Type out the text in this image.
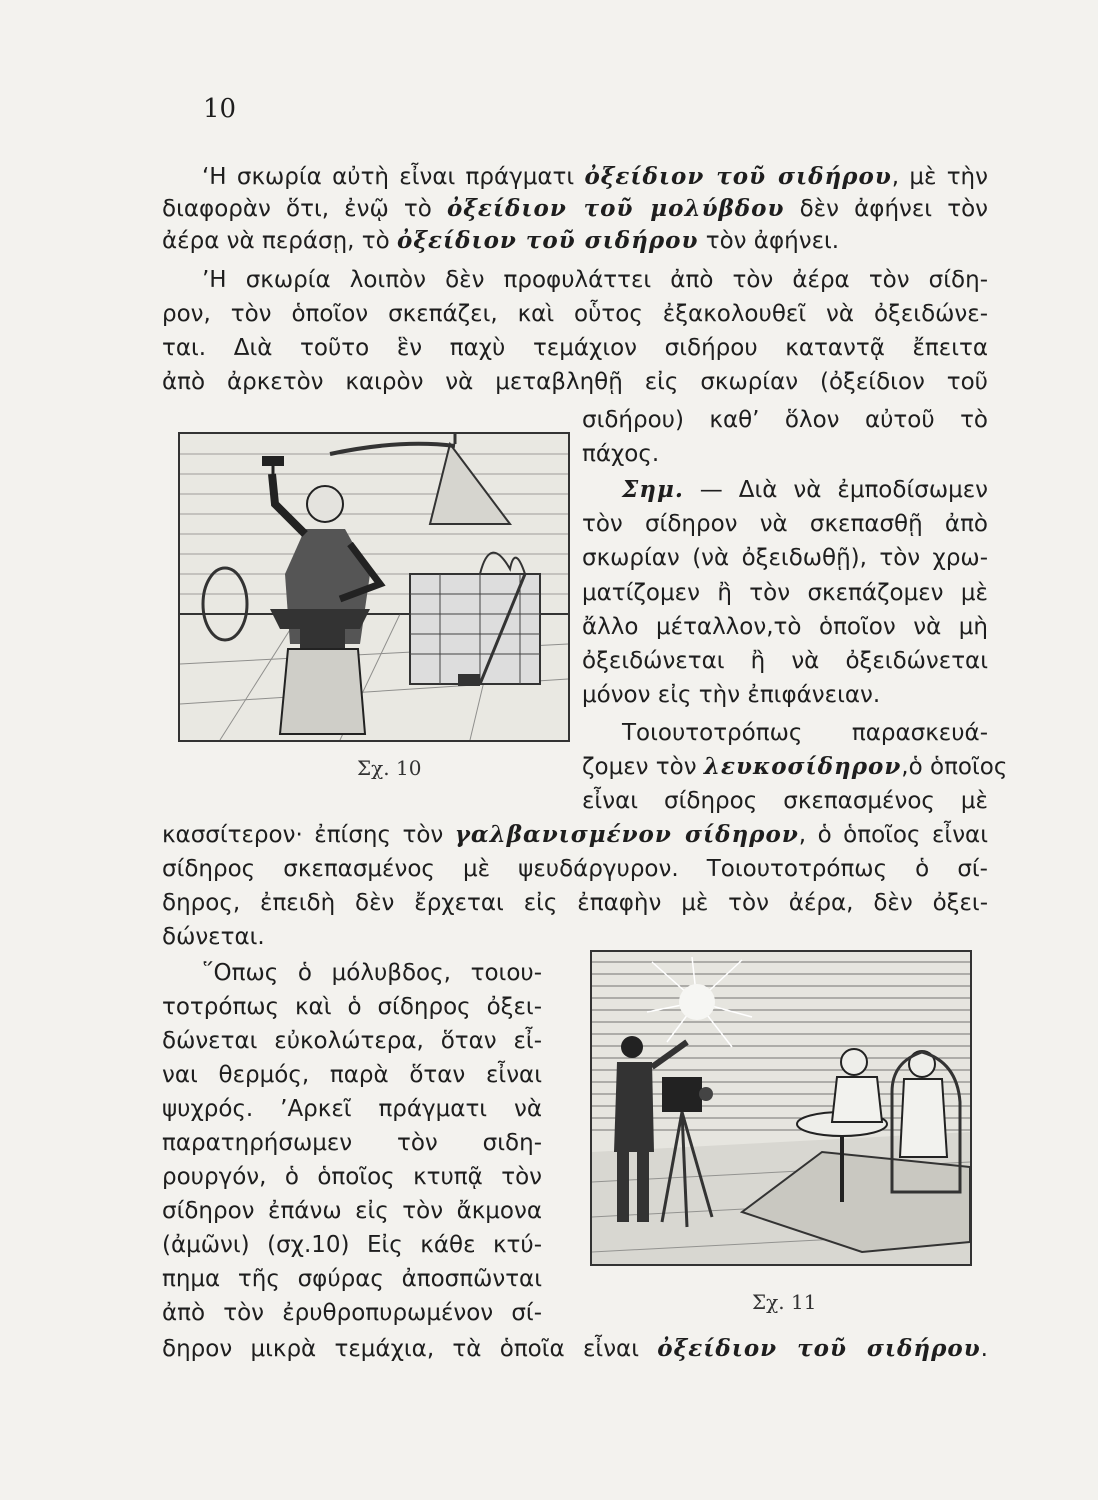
10
‘Η σκωρία αὐτὴ εἶναι πράγματι ὀξείδιον τοῦ σιδήρου, μὲ τὴν
διαφορὰν ὅτι, ἐνῷ τὸ ὀξείδιον τοῦ μολύβδου δὲν ἀφήνει τὸν
ἀέρα νὰ περάσῃ, τὸ ὀξείδιον τοῦ σιδήρου τὸν ἀφήνει.
’Η σκωρία λοιπὸν δὲν προφυλάττει ἀπὸ τὸν ἀέρα τὸν σίδη-
ρον, τὸν ὁποῖον σκεπάζει, καὶ οὗτος ἐξακολουθεῖ νὰ ὀξειδώνε-
ται. Διὰ τοῦτο ἓν παχὺ τεμάχιον σιδήρου καταντᾷ ἔπειτα
ἀπὸ ἀρκετὸν καιρὸν νὰ μεταβληθῇ εἰς σκωρίαν (ὀξείδιον τοῦ
Σχ. 10
σιδήρου) καθ’ ὅλον αὐτοῦ τὸ
πάχος.
Σημ. — Διὰ νὰ ἐμποδίσωμεν
τὸν σίδηρον νὰ σκεπασθῇ ἀπὸ
σκωρίαν (νὰ ὀξειδωθῇ), τὸν χρω-
ματίζομεν ἢ τὸν σκεπάζομεν μὲ
ἄλλο μέταλλον,τὸ ὁποῖον νὰ μὴ
ὀξειδώνεται ἢ νὰ ὀξειδώνεται
μόνον εἰς τὴν ἐπιφάνειαν.
Τοιουτοτρόπως παρασκευά-
ζομεν τὸν λευκοσίδηρον,ὁ ὁποῖος
εἶναι σίδηρος σκεπασμένος μὲ
κασσίτερον· ἐπίσης τὸν γαλβανισμένον σίδηρον, ὁ ὁποῖος εἶναι
σίδηρος σκεπασμένος μὲ ψευδάργυρον. Τοιουτοτρόπως ὁ σί-
δηρος, ἐπειδὴ δὲν ἔρχεται εἰς ἐπαφὴν μὲ τὸν ἀέρα, δὲν ὀξει-
δώνεται.
῞Οπως ὁ μόλυβδος, τοιου-
τοτρόπως καὶ ὁ σίδηρος ὀξει-
δώνεται εὐκολώτερα, ὅταν εἶ-
ναι θερμός, παρὰ ὅταν εἶναι
ψυχρός. ’Αρκεῖ πράγματι νὰ
παρατηρήσωμεν τὸν σιδη-
ρουργόν, ὁ ὁποῖος κτυπᾷ τὸν
σίδηρον ἐπάνω εἰς τὸν ἄκμονα
(ἀμῶνι) (σχ.10) Εἰς κάθε κτύ-
πημα τῆς σφύρας ἀποσπῶνται
ἀπὸ τὸν ἐρυθροπυρωμένον σί-	Σχ. 11
δηρον μικρὰ τεμάχια, τὰ ὁποῖα εἶναι ὀξείδιον τοῦ σιδήρου.
